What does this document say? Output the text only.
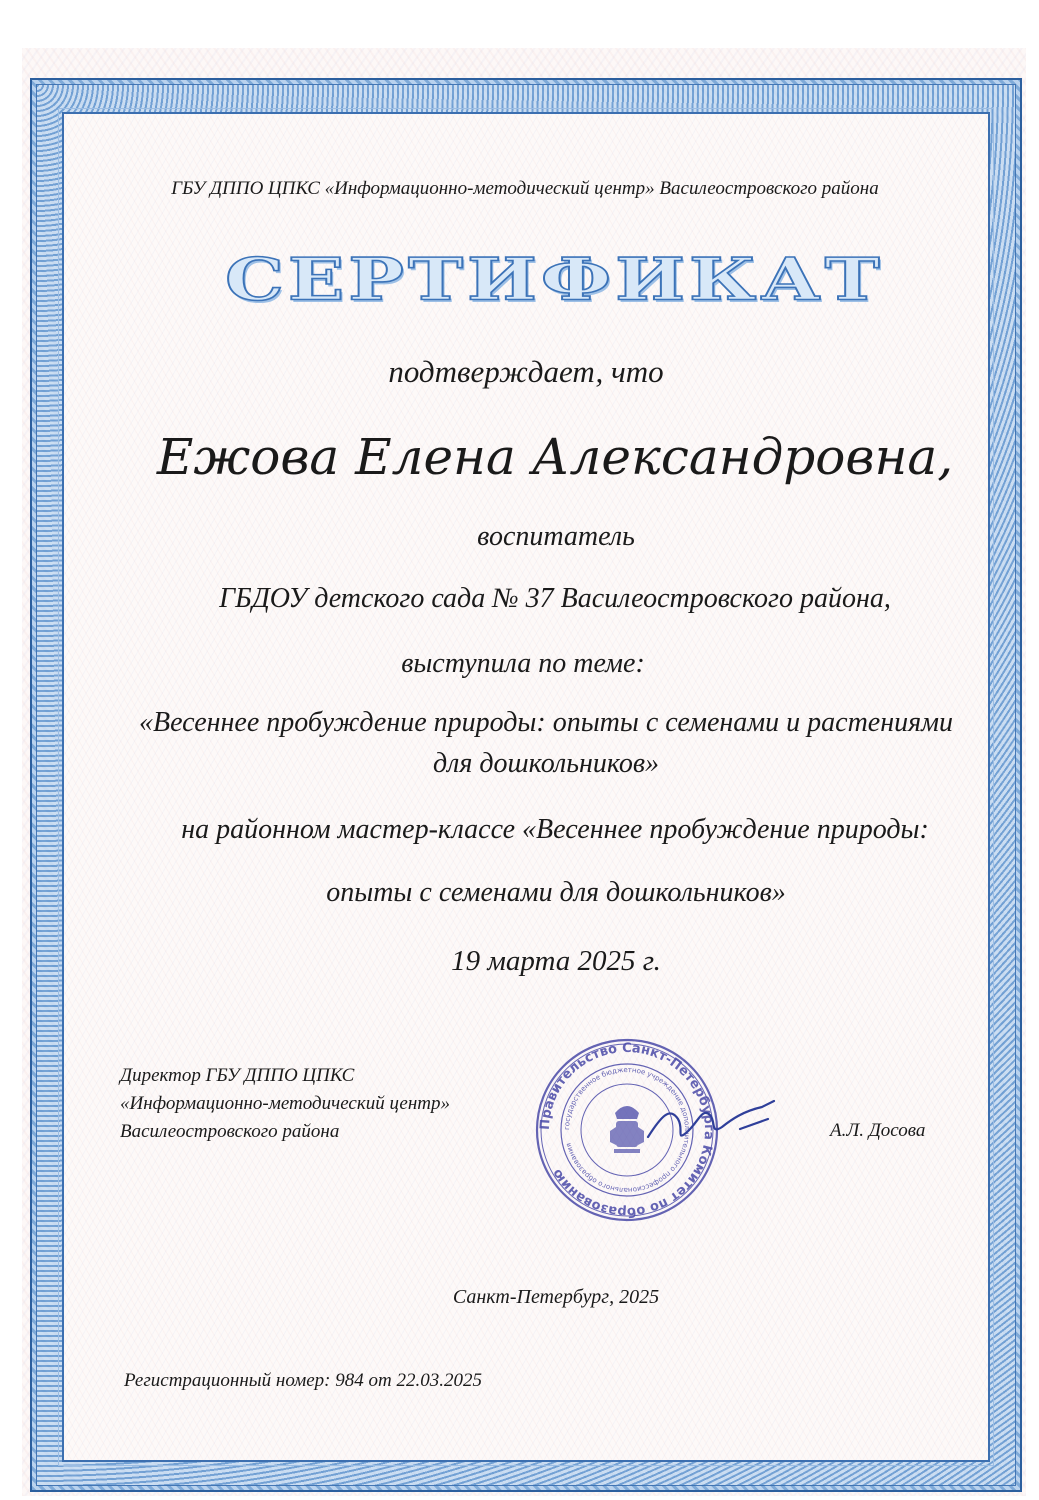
ГБУ ДППО ЦПКС «Информационно-методический центр» Василеостровского района
СЕРТИФИКАТ
подтверждает, что
Ежова Елена Александровна,
воспитатель
ГБДОУ детского сада № 37 Василеостровского района,
выступила по теме:
«Весеннее пробуждение природы: опыты с семенами и растениями
для дошкольников»
на районном мастер-классе «Весеннее пробуждение природы:
опыты с семенами для дошкольников»
19 марта 2025 г.
Директор ГБУ ДППО ЦПКС
«Информационно-методический центр»
Василеостровского района	Правительство Санкт-Петербурга Комитет по образованию
государственное бюджетное учреждение дополнительного профессионального образования
А.Л. Досова
Санкт-Петербург, 2025
Регистрационный номер: 984 от 22.03.2025
